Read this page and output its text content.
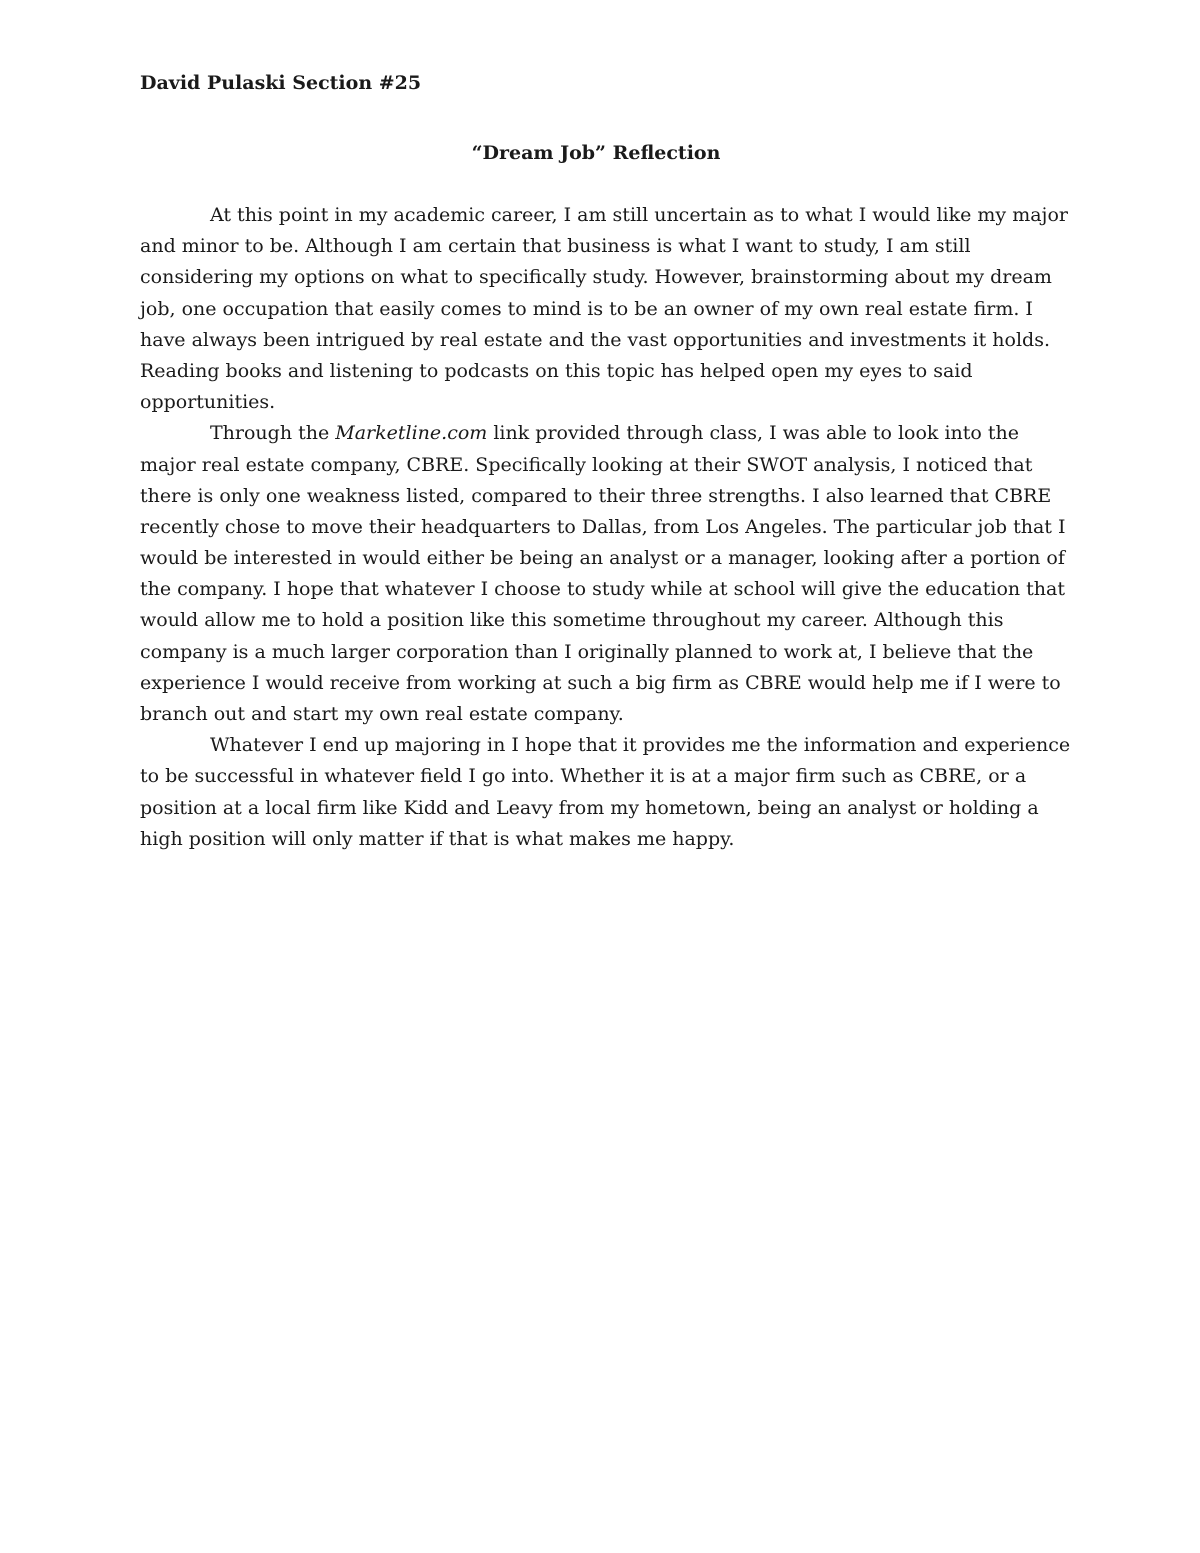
David Pulaski Section #25
“Dream Job” Reflection
At this point in my academic career, I am still uncertain as to what I would like my major
and minor to be. Although I am certain that business is what I want to study, I am still
considering my options on what to specifically study. However, brainstorming about my dream
job, one occupation that easily comes to mind is to be an owner of my own real estate firm. I
have always been intrigued by real estate and the vast opportunities and investments it holds.
Reading books and listening to podcasts on this topic has helped open my eyes to said
opportunities.
Through the Marketline.com link provided through class, I was able to look into the
major real estate company, CBRE. Specifically looking at their SWOT analysis, I noticed that
there is only one weakness listed, compared to their three strengths. I also learned that CBRE
recently chose to move their headquarters to Dallas, from Los Angeles. The particular job that I
would be interested in would either be being an analyst or a manager, looking after a portion of
the company. I hope that whatever I choose to study while at school will give the education that
would allow me to hold a position like this sometime throughout my career. Although this
company is a much larger corporation than I originally planned to work at, I believe that the
experience I would receive from working at such a big firm as CBRE would help me if I were to
branch out and start my own real estate company.
Whatever I end up majoring in I hope that it provides me the information and experience
to be successful in whatever field I go into. Whether it is at a major firm such as CBRE, or a
position at a local firm like Kidd and Leavy from my hometown, being an analyst or holding a
high position will only matter if that is what makes me happy.
